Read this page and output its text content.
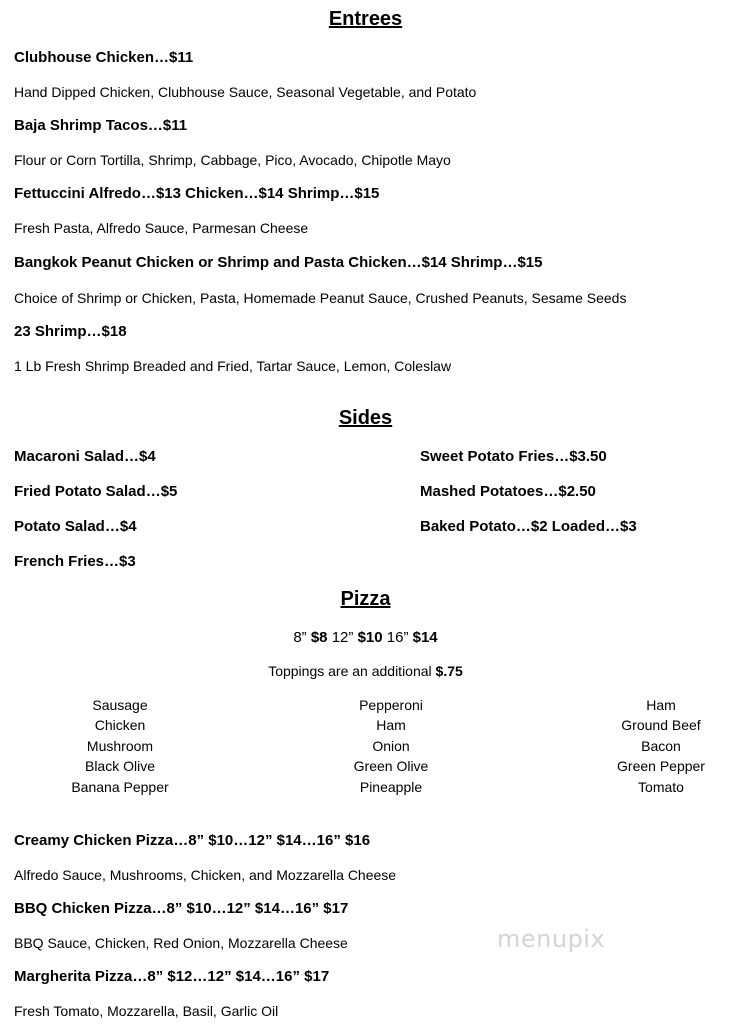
Entrees
Clubhouse Chicken…$11
Hand Dipped Chicken, Clubhouse Sauce, Seasonal Vegetable, and Potato
Baja Shrimp Tacos…$11
Flour or Corn Tortilla, Shrimp, Cabbage, Pico, Avocado, Chipotle Mayo
Fettuccini Alfredo…$13 Chicken…$14 Shrimp…$15
Fresh Pasta, Alfredo Sauce, Parmesan Cheese
Bangkok Peanut Chicken or Shrimp and Pasta Chicken…$14 Shrimp…$15
Choice of Shrimp or Chicken, Pasta, Homemade Peanut Sauce, Crushed Peanuts, Sesame Seeds
23 Shrimp…$18
1 Lb Fresh Shrimp Breaded and Fried, Tartar Sauce, Lemon, Coleslaw
Sides
Macaroni Salad…$4
Fried Potato Salad…$5
Potato Salad…$4
French Fries…$3
Sweet Potato Fries…$3.50
Mashed Potatoes…$2.50
Baked Potato…$2 Loaded…$3
Pizza
8” $8 12” $10 16” $14
Toppings are an additional $.75
Sausage
Chicken
Mushroom
Black Olive
Banana Pepper
Pepperoni
Ham
Onion
Green Olive
Pineapple
Ham
Ground Beef
Bacon
Green Pepper
Tomato
Creamy Chicken Pizza…8” $10…12” $14…16” $16
Alfredo Sauce, Mushrooms, Chicken, and Mozzarella Cheese
BBQ Chicken Pizza…8” $10…12” $14…16” $17
BBQ Sauce, Chicken, Red Onion, Mozzarella Cheese
Margherita Pizza…8” $12…12” $14…16” $17
Fresh Tomato, Mozzarella, Basil, Garlic Oil
menupix
